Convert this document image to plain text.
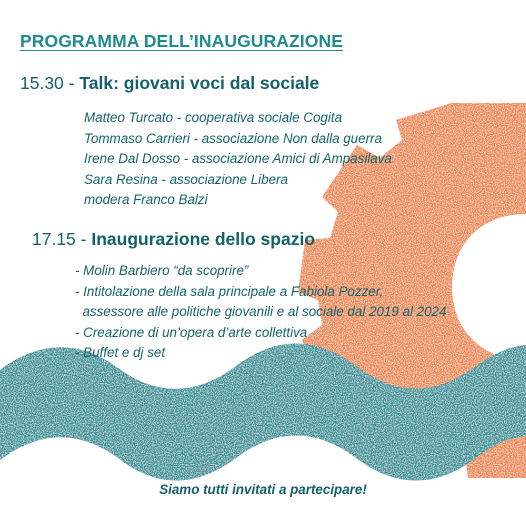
PROGRAMMA DELL’INAUGURAZIONE
15.30 - Talk: giovani voci dal sociale
Matteo Turcato - cooperativa sociale Cogita
Tommaso Carrieri - associazione Non dalla guerra
Irene Dal Dosso - associazione Amici di Ampasilava
Sara Resina - associazione Libera
modera Franco Balzi
17.15 - Inaugurazione dello spazio
- Molin Barbiero “da scoprire”
- Intitolazione della sala principale a Fabiola Pozzer,
assessore alle politiche giovanili e al sociale dal 2019 al 2024
- Creazione di un’opera d’arte collettiva
- Buffet e dj set
Siamo tutti invitati a partecipare!
